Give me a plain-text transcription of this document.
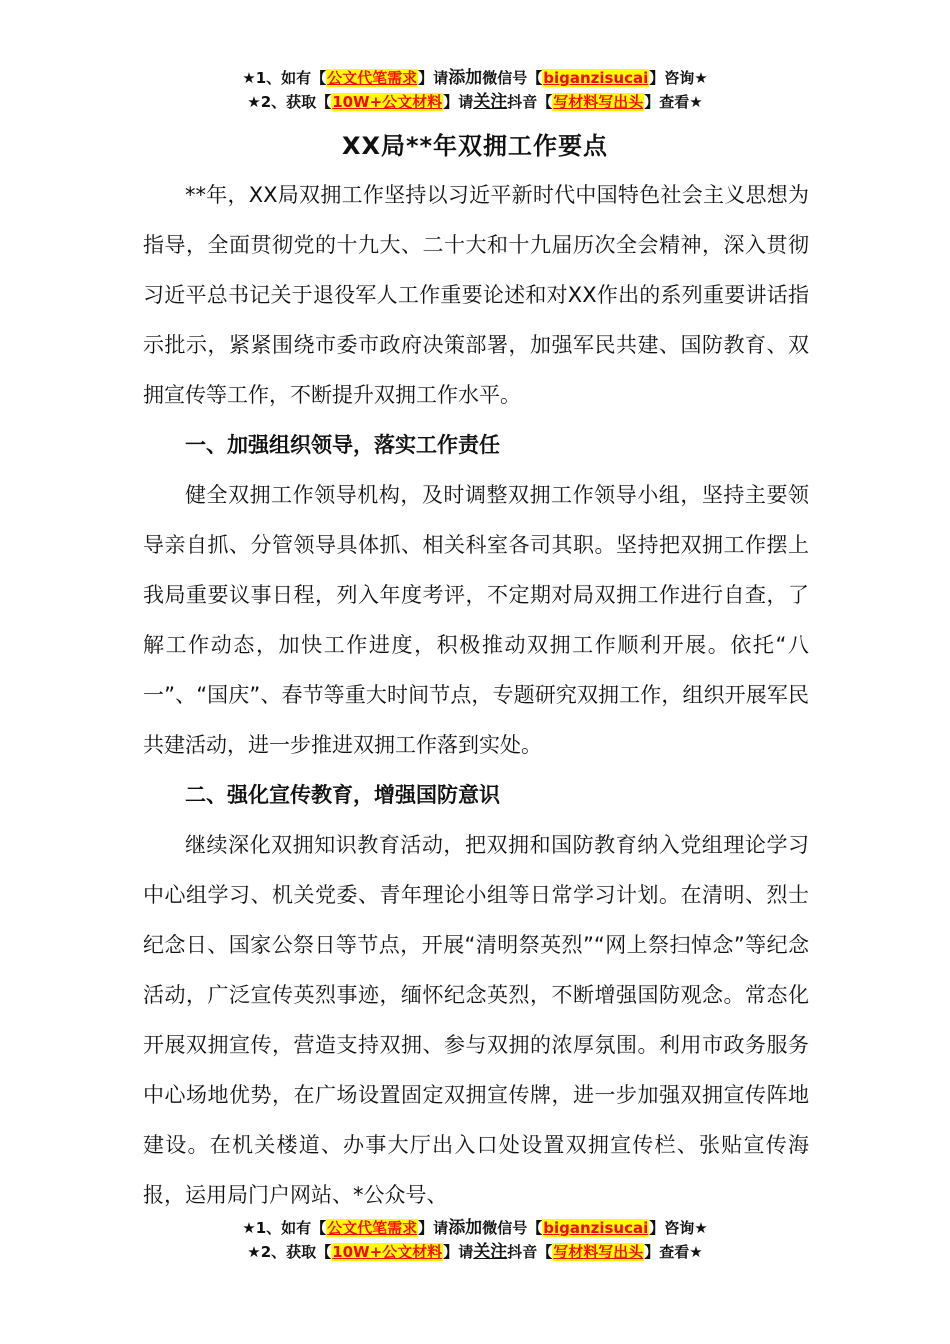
★1、如有【公文代笔需求】请添加微信号【biganzisucai】咨询★
★2、获取【10W+公文材料】请关注抖音【写材料写出头】查看★
XX局**年双拥工作要点

**年，XX局双拥工作坚持以习近平新时代中国特色社会主义思想为指导，全面贯彻党的十九大、二十大和十九届历次全会精神，深入贯彻习近平总书记关于退役军人工作重要论述和对XX作出的系列重要讲话指示批示，紧紧围绕市委市政府决策部署，加强军民共建、国防教育、双拥宣传等工作，不断提升双拥工作水平。

一、加强组织领导，落实工作责任

健全双拥工作领导机构，及时调整双拥工作领导小组，坚持主要领导亲自抓、分管领导具体抓、相关科室各司其职。坚持把双拥工作摆上我局重要议事日程，列入年度考评，不定期对局双拥工作进行自查，了解工作动态，加快工作进度，积极推动双拥工作顺利开展。依托“八一”、“国庆”、春节等重大时间节点，专题研究双拥工作，组织开展军民共建活动，进一步推进双拥工作落到实处。

二、强化宣传教育，增强国防意识

继续深化双拥知识教育活动，把双拥和国防教育纳入党组理论学习中心组学习、机关党委、青年理论小组等日常学习计划。在清明、烈士纪念日、国家公祭日等节点，开展“清明祭英烈”“网上祭扫悼念”等纪念活动，广泛宣传英烈事迹，缅怀纪念英烈，不断增强国防观念。常态化开展双拥宣传，营造支持双拥、参与双拥的浓厚氛围。利用市政务服务中心场地优势，在广场设置固定双拥宣传牌，进一步加强双拥宣传阵地建设。在机关楼道、办事大厅出入口处设置双拥宣传栏、张贴宣传海报，运用局门户网站、*公众号、

★1、如有【公文代笔需求】请添加微信号【biganzisucai】咨询★
★2、获取【10W+公文材料】请关注抖音【写材料写出头】查看★
